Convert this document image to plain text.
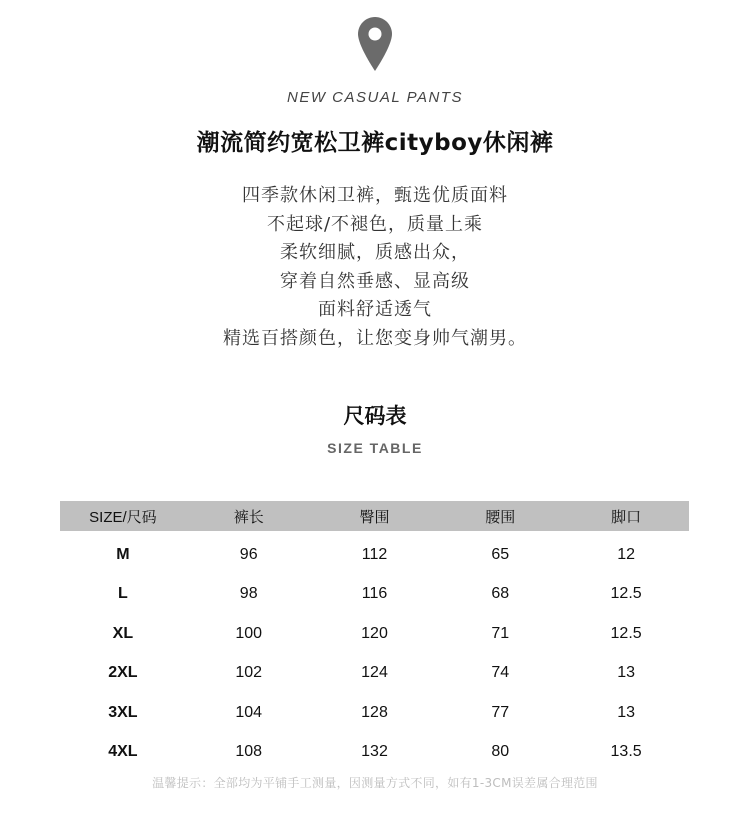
NEW CASUAL PANTS
潮流简约宽松卫裤cityboy休闲裤
四季款休闲卫裤，甄选优质面料
不起球/不褪色，质量上乘
柔软细腻，质感出众，
穿着自然垂感、显高级
面料舒适透气
精选百搭颜色，让您变身帅气潮男。
尺码表
SIZE TABLE
SIZE/尺码	裤长	臀围	腰围	脚口
M	96	112	65	12
L	98	116	68	12.5
XL	100	120	71	12.5
2XL	102	124	74	13
3XL	104	128	77	13
4XL	108	132	80	13.5
温馨提示：全部均为平铺手工测量，因测量方式不同，如有1-3CM误差属合理范围
